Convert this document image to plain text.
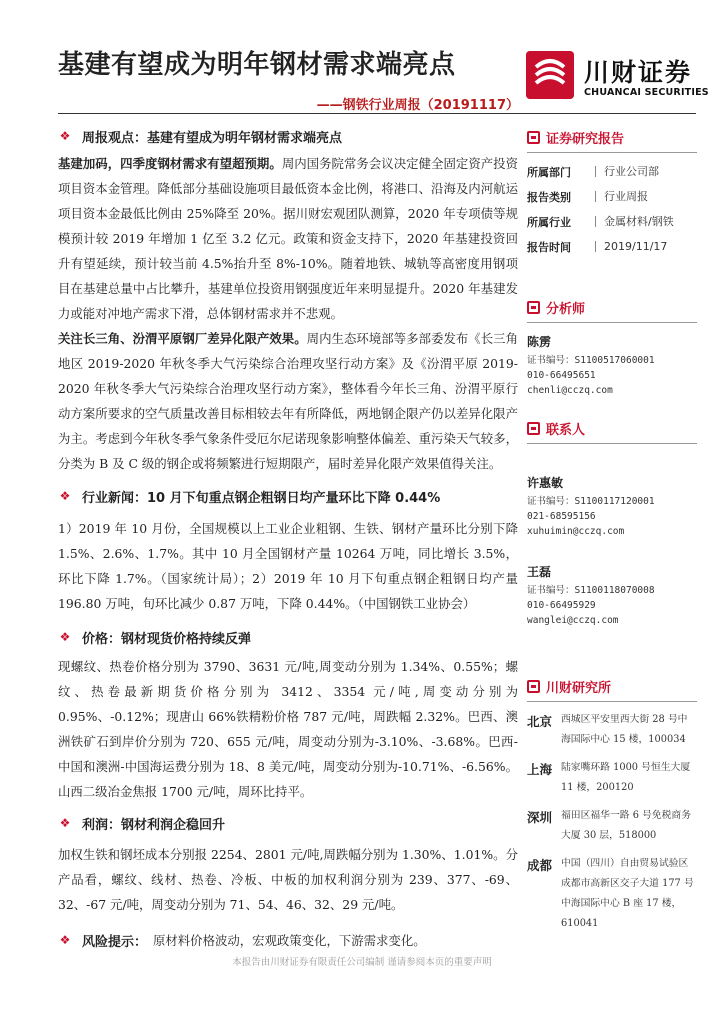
基建有望成为明年钢材需求端亮点
——钢铁行业周报（20191117）
川财证券
CHUANCAI SECURITIES
❖ 周报观点：基建有望成为明年钢材需求端亮点
基建加码，四季度钢材需求有望超预期。周内国务院常务会议决定健全固定资产投资项目资本金管理。降低部分基础设施项目最低资本金比例，将港口、沿海及内河航运项目资本金最低比例由 25%降至 20%。据川财宏观团队测算，2020 年专项债等规模预计较 2019 年增加 1 亿至 3.2 亿元。政策和资金支持下，2020 年基建投资回升有望延续，预计较当前 4.5%抬升至 8%-10%。随着地铁、城轨等高密度用钢项目在基建总量中占比攀升，基建单位投资用钢强度近年来明显提升。2020 年基建发力或能对冲地产需求下滑，总体钢材需求并不悲观。
关注长三角、汾渭平原钢厂差异化限产效果。周内生态环境部等多部委发布《长三角地区 2019-2020 年秋冬季大气污染综合治理攻坚行动方案》及《汾渭平原 2019-2020 年秋冬季大气污染综合治理攻坚行动方案》，整体看今年长三角、汾渭平原行动方案所要求的空气质量改善目标相较去年有所降低，两地钢企限产仍以差异化限产为主。考虑到今年秋冬季气象条件受厄尔尼诺现象影响整体偏差、重污染天气较多，分类为 B 及 C 级的钢企或将频繁进行短期限产，届时差异化限产效果值得关注。
❖ 行业新闻：10 月下旬重点钢企粗钢日均产量环比下降 0.44%
1）2019 年 10 月份，全国规模以上工业企业粗钢、生铁、钢材产量环比分别下降 1.5%、2.6%、1.7%。其中 10 月全国钢材产量 10264 万吨，同比增长 3.5%，环比下降 1.7%。（国家统计局）；2）2019 年 10 月下旬重点钢企粗钢日均产量 196.80 万吨，旬环比减少 0.87 万吨，下降 0.44%。（中国钢铁工业协会）
❖ 价格：钢材现货价格持续反弹
现螺纹、热卷价格分别为 3790、3631 元/吨,周变动分别为 1.34%、0.55%；螺纹、热卷最新期货价格分别为 3412、3354 元/吨,周变动分别为 0.95%、-0.12%；现唐山 66%铁精粉价格 787 元/吨，周跌幅 2.32%。巴西、澳洲铁矿石到岸价分别为 720、655 元/吨，周变动分别为-3.10%、-3.68%。巴西-中国和澳洲-中国海运费分别为 18、8 美元/吨，周变动分别为-10.71%、-6.56%。山西二级冶金焦报 1700 元/吨，周环比持平。
❖ 利润：钢材利润企稳回升
加权生铁和钢坯成本分别报 2254、2801 元/吨,周跌幅分别为 1.30%、1.01%。分产品看，螺纹、线材、热卷、冷板、中板的加权利润分别为 239、377、-69、32、-67 元/吨，周变动分别为 71、54、46、32、29 元/吨。
❖ 风险提示： 原材料价格波动，宏观政策变化，下游需求变化。
证券研究报告
所属部门	行业公司部
报告类别	行业周报
所属行业	金属材料/钢铁
报告时间	2019/11/17
分析师
陈雳
证书编号：S1100517060001
010-66495651
chenli@cczq.com
联系人
许惠敏
证书编号：S1100117120001
021-68595156
xuhuimin@cczq.com
王磊
证书编号：S1100118070008
010-66495929
wanglei@cczq.com
川财研究所
北京 西城区平安里西大街 28 号中海国际中心 15 楼，100034
上海 陆家嘴环路 1000 号恒生大厦 11 楼，200120
深圳 福田区福华一路 6 号免税商务大厦 30 层，518000
成都 中国（四川）自由贸易试验区成都市高新区交子大道 177 号中海国际中心 B 座 17 楼，610041
本报告由川财证券有限责任公司编制 谨请参阅本页的重要声明
